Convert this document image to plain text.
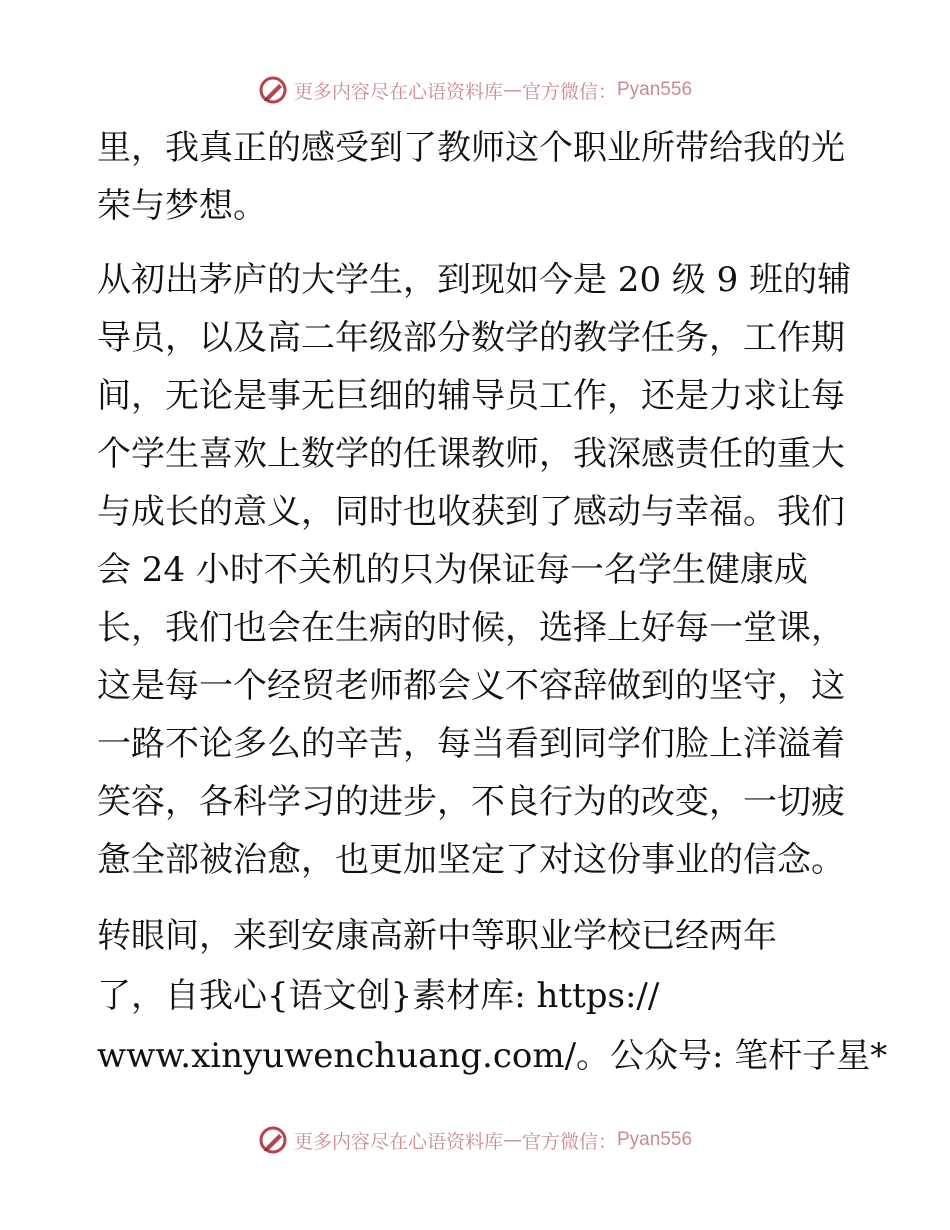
更多内容尽在心语资料库 — 官方微信： Pyan556
里，我真正的感受到了教师这个职业所带给我的光
荣与梦想。
从初出茅庐的大学生，到现如今是 20 级 9 班的辅
导员，以及高二年级部分数学的教学任务，工作期
间，无论是事无巨细的辅导员工作，还是力求让每
个学生喜欢上数学的任课教师，我深感责任的重大
与成长的意义，同时也收获到了感动与幸福。我们
会 24 小时不关机的只为保证每一名学生健康成
长，我们也会在生病的时候，选择上好每一堂课，
这是每一个经贸老师都会义不容辞做到的坚守，这
一路不论多么的辛苦，每当看到同学们脸上洋溢着
笑容，各科学习的进步，不良行为的改变，一切疲
惫全部被治愈，也更加坚定了对这份事业的信念。
转眼间，来到安康高新中等职业学校已经两年
了，自我心{语文创}素材库: https://
www.xinyuwenchuang.com/。公众号: 笔杆子星*
更多内容尽在心语资料库 — 官方微信： Pyan556
